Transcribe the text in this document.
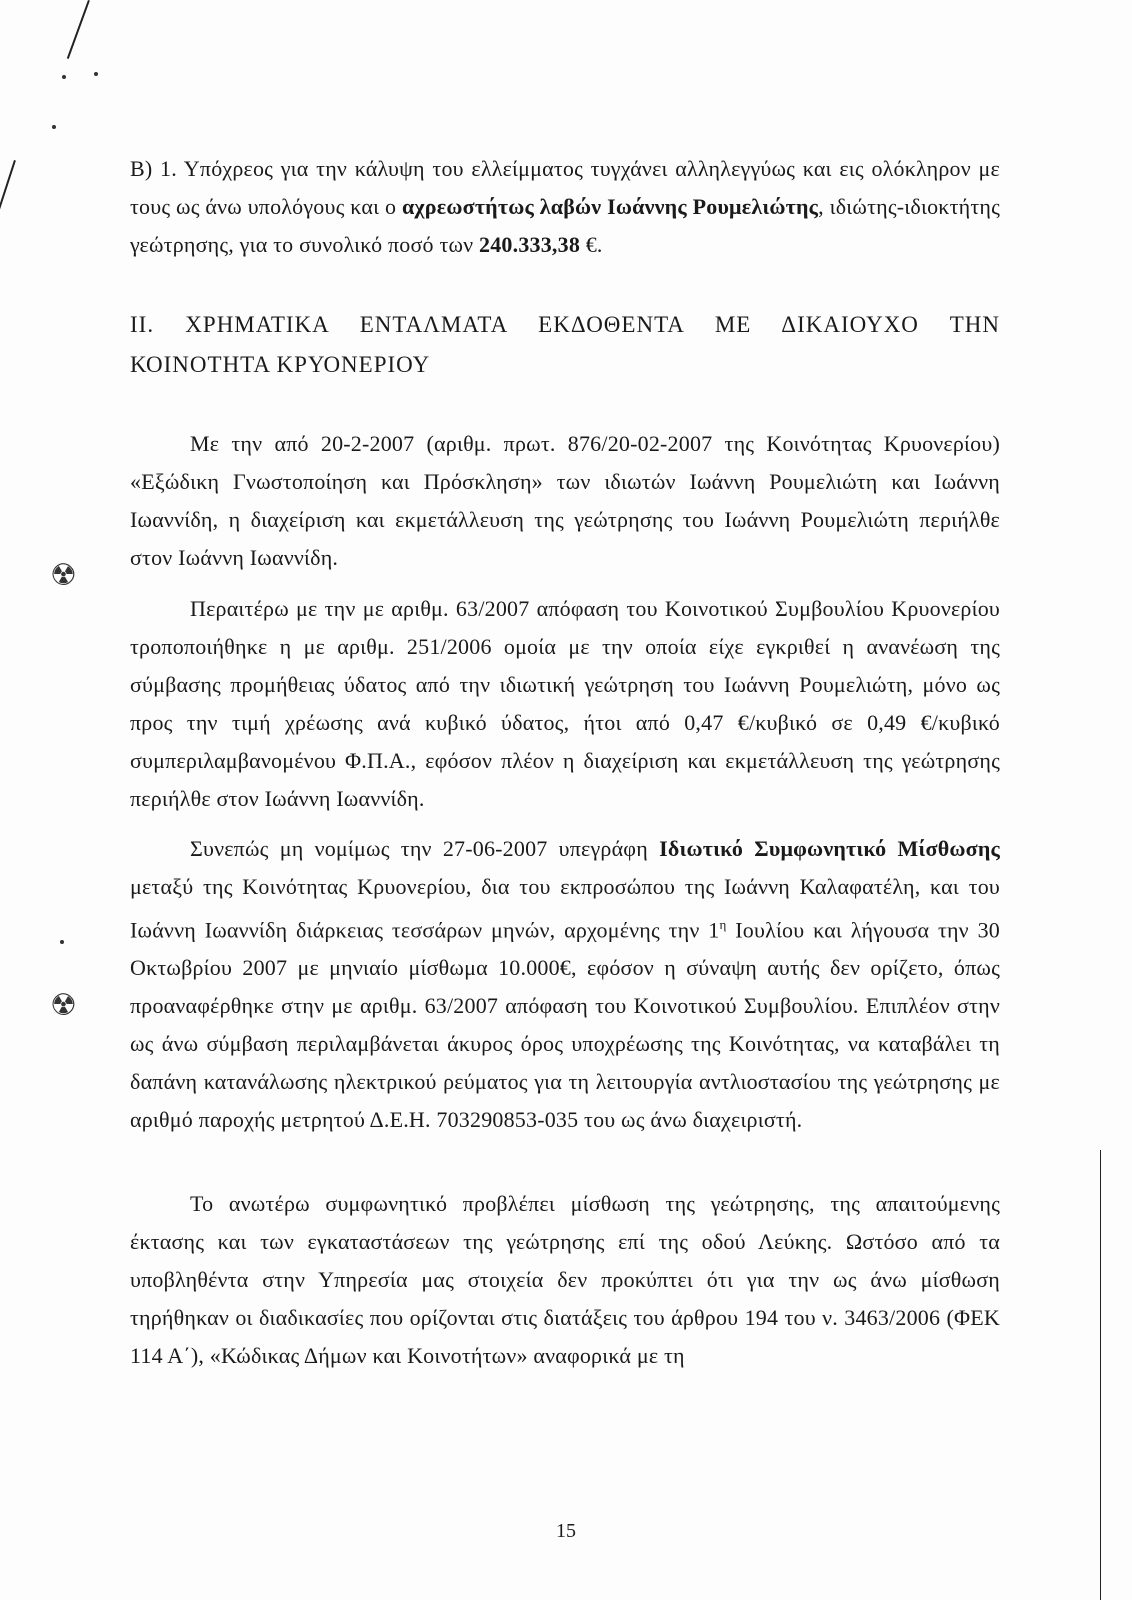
☢
☢

Β) 1. Υπόχρεος για την κάλυψη του ελλείμματος τυγχάνει αλληλεγγύως και εις ολόκληρον με τους ως άνω υπολόγους και ο αχρεωστήτως λαβών Ιωάννης Ρουμελιώτης, ιδιώτης-ιδιοκτήτης γεώτρησης, για το συνολικό ποσό των 240.333,38 €.

ΙΙ. ΧΡΗΜΑΤΙΚΑ ΕΝΤΑΛΜΑΤΑ ΕΚΔΟΘΕΝΤΑ ΜΕ ΔΙΚΑΙΟΥΧΟ ΤΗΝ ΚΟΙΝΟΤΗΤΑ ΚΡΥΟΝΕΡΙΟΥ

Με την από 20-2-2007 (αριθμ. πρωτ. 876/20-02-2007 της Κοινότητας Κρυονερίου) «Εξώδικη Γνωστοποίηση και Πρόσκληση» των ιδιωτών Ιωάννη Ρουμελιώτη και Ιωάννη Ιωαννίδη, η διαχείριση και εκμετάλλευση της γεώτρησης του Ιωάννη Ρουμελιώτη περιήλθε στον Ιωάννη Ιωαννίδη.

Περαιτέρω με την με αριθμ. 63/2007 απόφαση του Κοινοτικού Συμβουλίου Κρυονερίου τροποποιήθηκε η με αριθμ. 251/2006 ομοία με την οποία είχε εγκριθεί η ανανέωση της σύμβασης προμήθειας ύδατος από την ιδιωτική γεώτρηση του Ιωάννη Ρουμελιώτη, μόνο ως προς την τιμή χρέωσης ανά κυβικό ύδατος, ήτοι από 0,47 €/κυβικό σε 0,49 €/κυβικό συμπεριλαμβανομένου Φ.Π.Α., εφόσον πλέον η διαχείριση και εκμετάλλευση της γεώτρησης περιήλθε στον Ιωάννη Ιωαννίδη.

Συνεπώς μη νομίμως την 27-06-2007 υπεγράφη Ιδιωτικό Συμφωνητικό Μίσθωσης μεταξύ της Κοινότητας Κρυονερίου, δια του εκπροσώπου της Ιωάννη Καλαφατέλη, και του Ιωάννη Ιωαννίδη διάρκειας τεσσάρων μηνών, αρχομένης την $1^\eta$ Ιουλίου και λήγουσα την 30 Οκτωβρίου 2007 με μηνιαίο μίσθωμα 10.000€, εφόσον η σύναψη αυτής δεν ορίζετο, όπως προαναφέρθηκε στην με αριθμ. 63/2007 απόφαση του Κοινοτικού Συμβουλίου. Επιπλέον στην ως άνω σύμβαση περιλαμβάνεται άκυρος όρος υποχρέωσης της Κοινότητας, να καταβάλει τη δαπάνη κατανάλωσης ηλεκτρικού ρεύματος για τη λειτουργία αντλιοστασίου της γεώτρησης με αριθμό παροχής μετρητού Δ.Ε.Η. 703290853-035 του ως άνω διαχειριστή.

Το ανωτέρω συμφωνητικό προβλέπει μίσθωση της γεώτρησης, της απαιτούμενης έκτασης και των εγκαταστάσεων της γεώτρησης επί της οδού Λεύκης. Ωστόσο από τα υποβληθέντα στην Υπηρεσία μας στοιχεία δεν προκύπτει ότι για την ως άνω μίσθωση τηρήθηκαν οι διαδικασίες που ορίζονται στις διατάξεις του άρθρου 194 του ν. 3463/2006 (ΦΕΚ 114 Α΄), «Κώδικας Δήμων και Κοινοτήτων» αναφορικά με τη

15
